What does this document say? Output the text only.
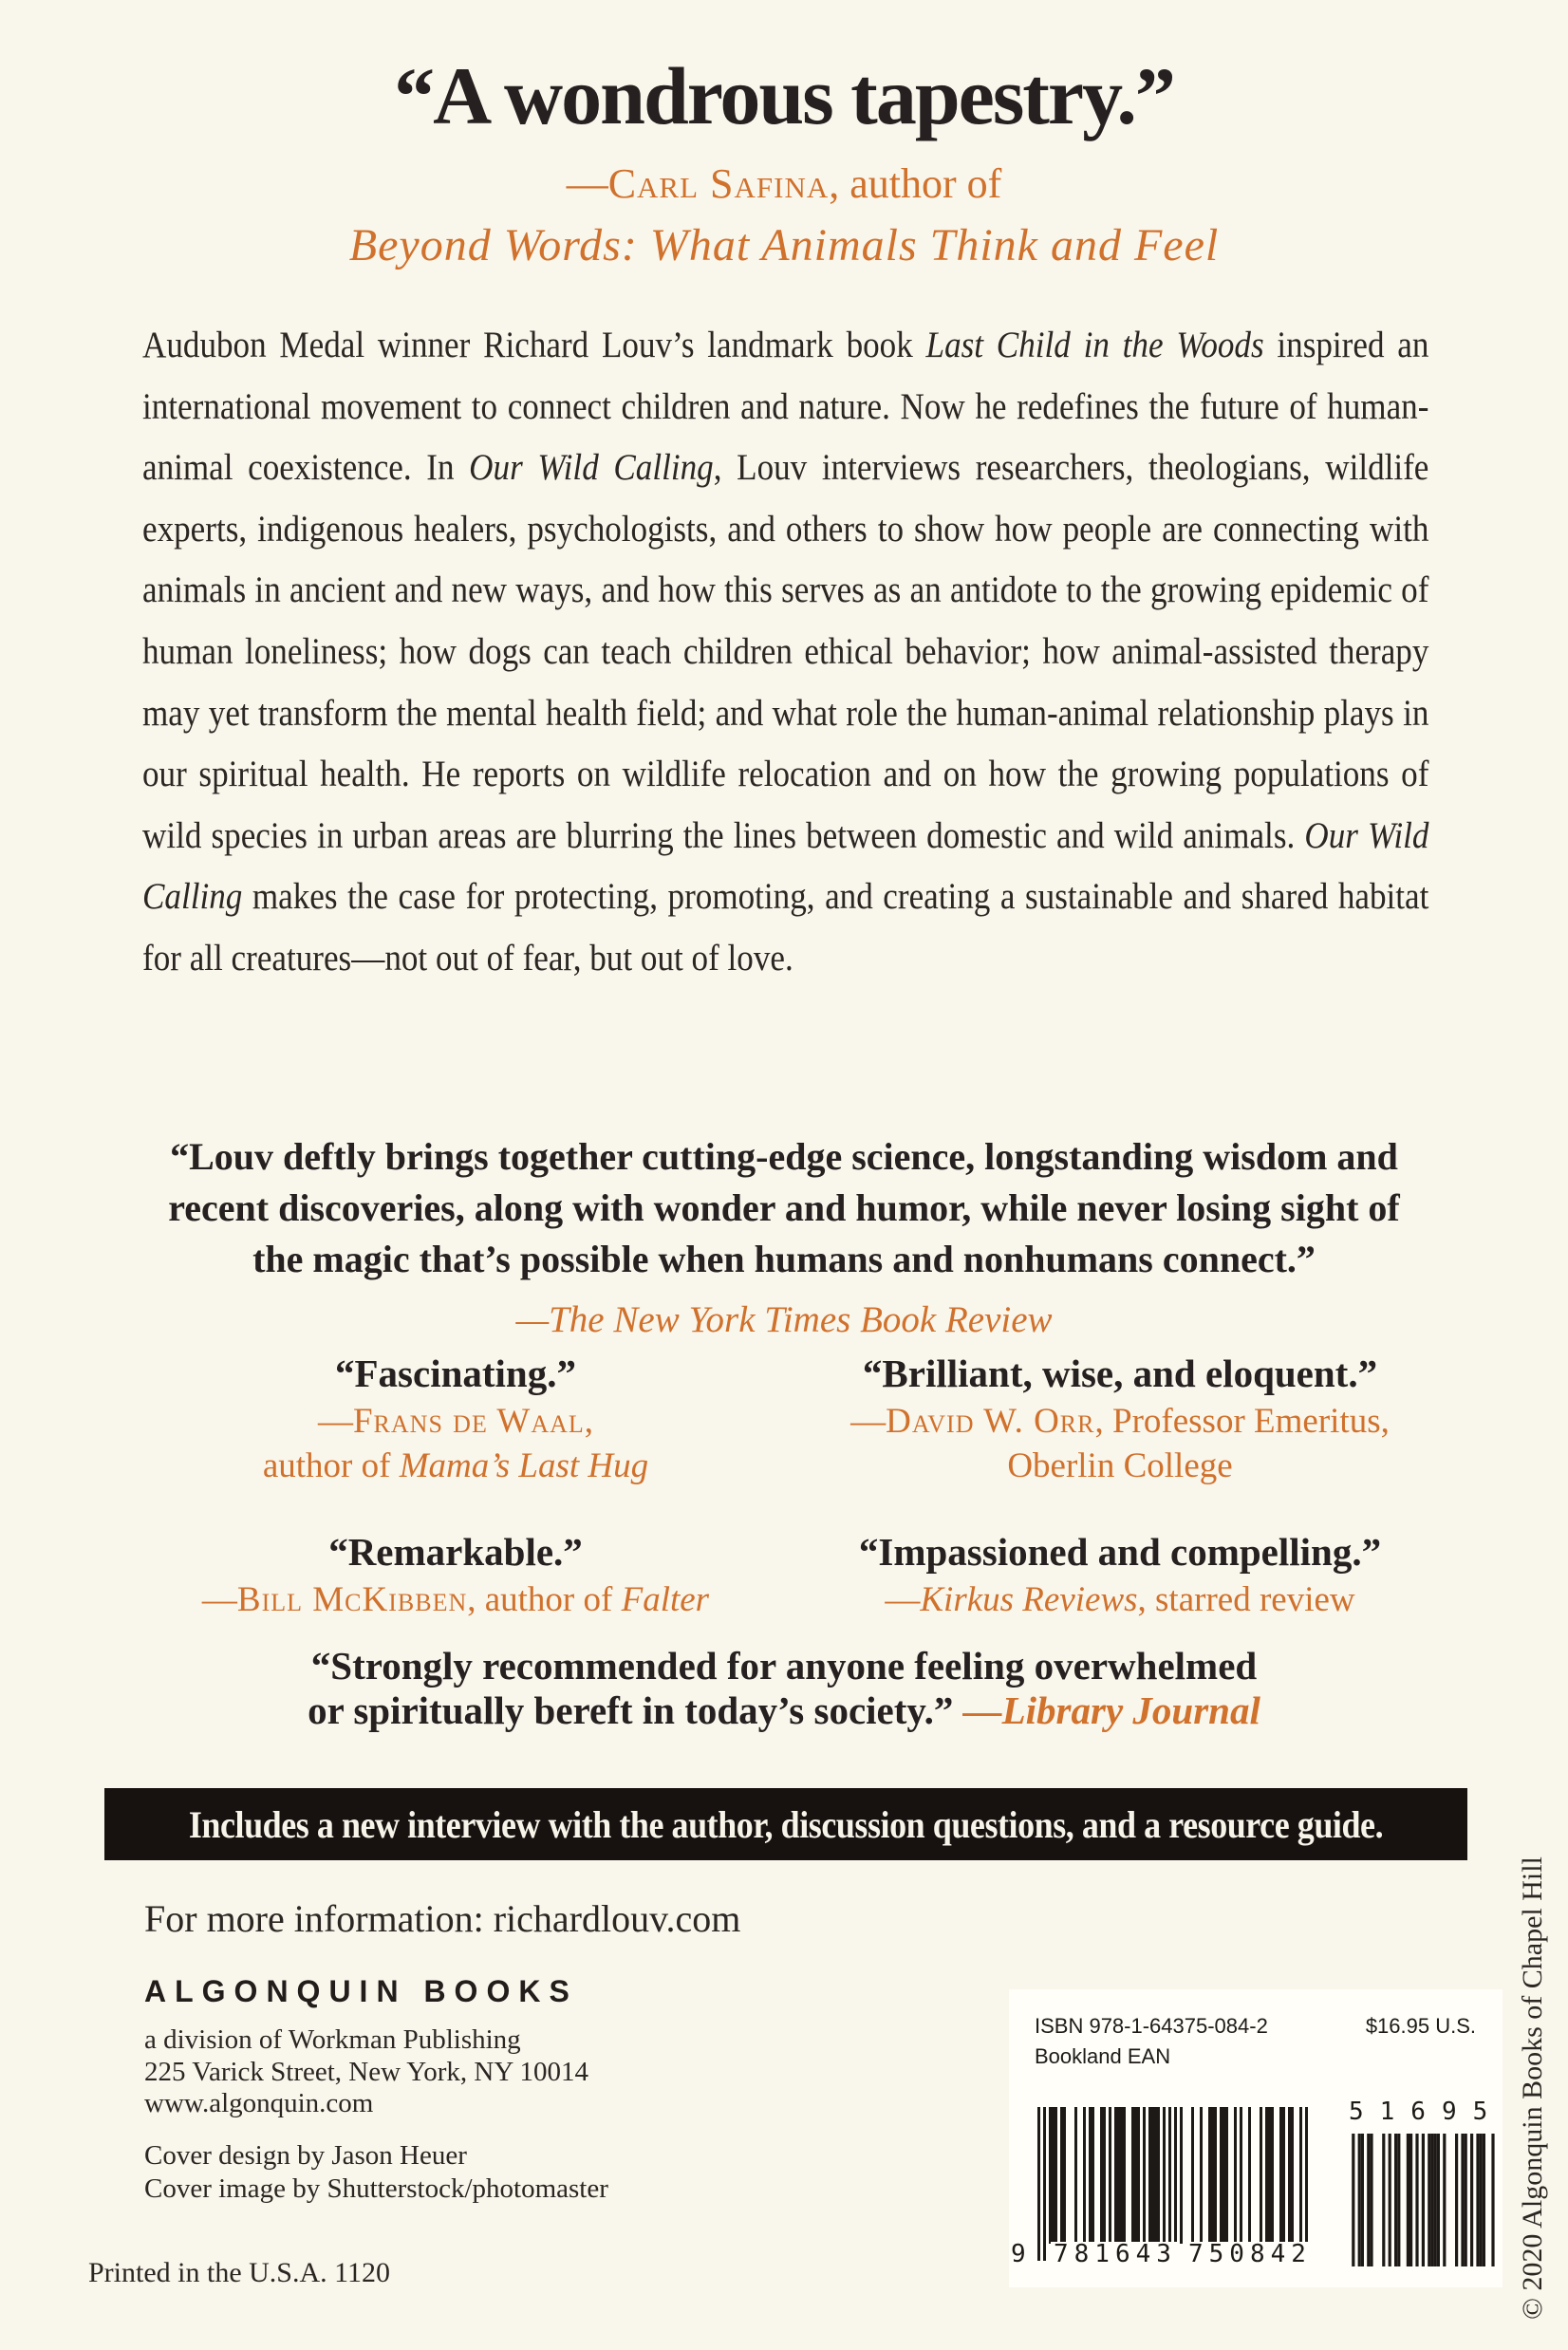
“A wondrous tapestry.”
—Carl Safina, author of
Beyond Words: What Animals Think and Feel
Audubon Medal winner Richard Louv’s landmark book Last Child in the Woods inspired an international movement to connect children and nature. Now he redefines the future of human-animal coexistence. In Our Wild Calling, Louv interviews researchers, theologians, wildlife experts, indigenous healers, psychologists, and others to show how people are connecting with animals in ancient and new ways, and how this serves as an antidote to the growing epidemic of human loneliness; how dogs can teach children ethical behavior; how animal-assisted therapy may yet transform the mental health field; and what role the human-animal relationship plays in our spiritual health. He reports on wildlife relocation and on how the growing populations of wild species in urban areas are blurring the lines between domestic and wild animals. Our Wild Calling makes the case for protecting, promoting, and creating a sustainable and shared habitat for all creatures—not out of fear, but out of love.
“Louv deftly brings together cutting-edge science, longstanding wisdom and
recent discoveries, along with wonder and humor, while never losing sight of
the magic that’s possible when humans and nonhumans connect.”
—The New York Times Book Review
“Fascinating.”
—Frans de Waal,
author of Mama’s Last Hug
“Brilliant, wise, and eloquent.”
—David W. Orr, Professor Emeritus,
Oberlin College
“Remarkable.”
—Bill McKibben, author of Falter
“Impassioned and compelling.”
—Kirkus Reviews, starred review
“Strongly recommended for anyone feeling overwhelmed
or spiritually bereft in today’s society.” —Library Journal
Includes a new interview with the author, discussion questions, and a resource guide.
For more information: richardlouv.com
ALGONQUIN BOOKS
a division of Workman Publishing
225 Varick Street, New York, NY 10014
www.algonquin.com
Cover design by Jason Heuer
Cover image by Shutterstock/photomaster
Printed in the U.S.A. 1120
ISBN 978-1-64375-084-2
Bookland EAN
$16.95 U.S.
9 781643 750842
51695 © 2020 Algonquin Books of Chapel Hill
